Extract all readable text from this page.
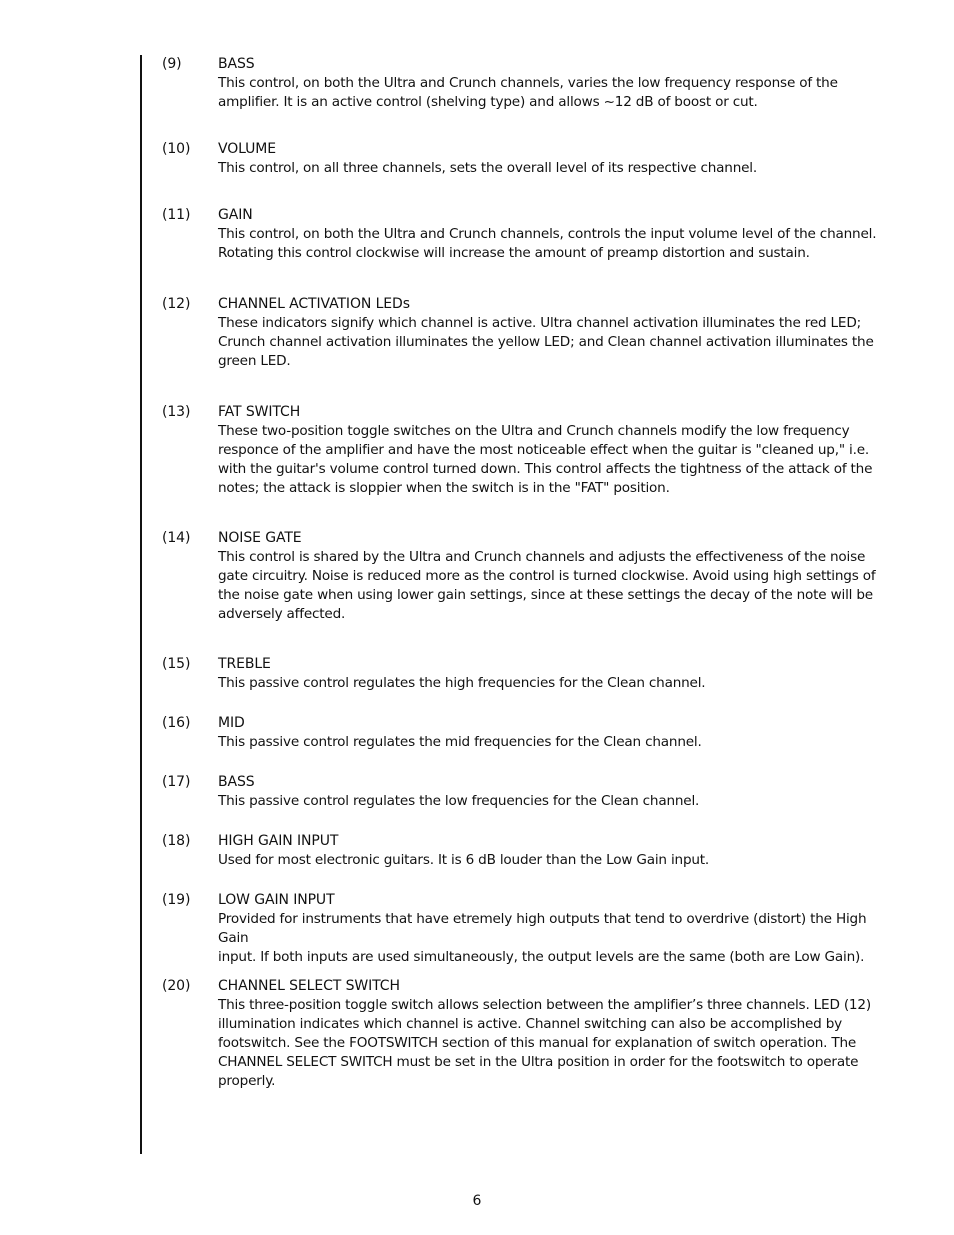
(9)	BASS
This control, on both the Ultra and Crunch channels, varies the low frequency response of the
amplifier. It is an active control (shelving type) and allows ~12 dB of boost or cut.
(10) VOLUME
This control, on all three channels, sets the overall level of its respective channel.
(11) GAIN
This control, on both the Ultra and Crunch channels, controls the input volume level of the channel.
Rotating this control clockwise will increase the amount of preamp distortion and sustain.
(12) CHANNEL ACTIVATION LEDs
These indicators signify which channel is active. Ultra channel activation illuminates the red LED;
Crunch channel activation illuminates the yellow LED; and Clean channel activation illuminates the
green LED.
(13) FAT SWITCH
These two-position toggle switches on the Ultra and Crunch channels modify the low frequency
responce of the amplifier and have the most noticeable effect when the guitar is "cleaned up," i.e.
with the guitar's volume control turned down. This control affects the tightness of the attack of the
notes; the attack is sloppier when the switch is in the "FAT" position.
(14) NOISE GATE
This control is shared by the Ultra and Crunch channels and adjusts the effectiveness of the noise
gate circuitry. Noise is reduced more as the control is turned clockwise. Avoid using high settings of
the noise gate when using lower gain settings, since at these settings the decay of the note will be
adversely affected.
(15) TREBLE
This passive control regulates the high frequencies for the Clean channel.
(16) MID
This passive control regulates the mid frequencies for the Clean channel.
(17) BASS
This passive control regulates the low frequencies for the Clean channel.
(18) HIGH GAIN INPUT
Used for most electronic guitars. It is 6 dB louder than the Low Gain input.
(19) LOW GAIN INPUT
Provided for instruments that have etremely high outputs that tend to overdrive (distort) the High Gain
input. If both inputs are used simultaneously, the output levels are the same (both are Low Gain).
(20) CHANNEL SELECT SWITCH
This three-position toggle switch allows selection between the amplifier’s three channels. LED (12)
illumination indicates which channel is active. Channel switching can also be accomplished by
footswitch. See the FOOTSWITCH section of this manual for explanation of switch operation. The
CHANNEL SELECT SWITCH must be set in the Ultra position in order for the footswitch to operate
properly.
6
